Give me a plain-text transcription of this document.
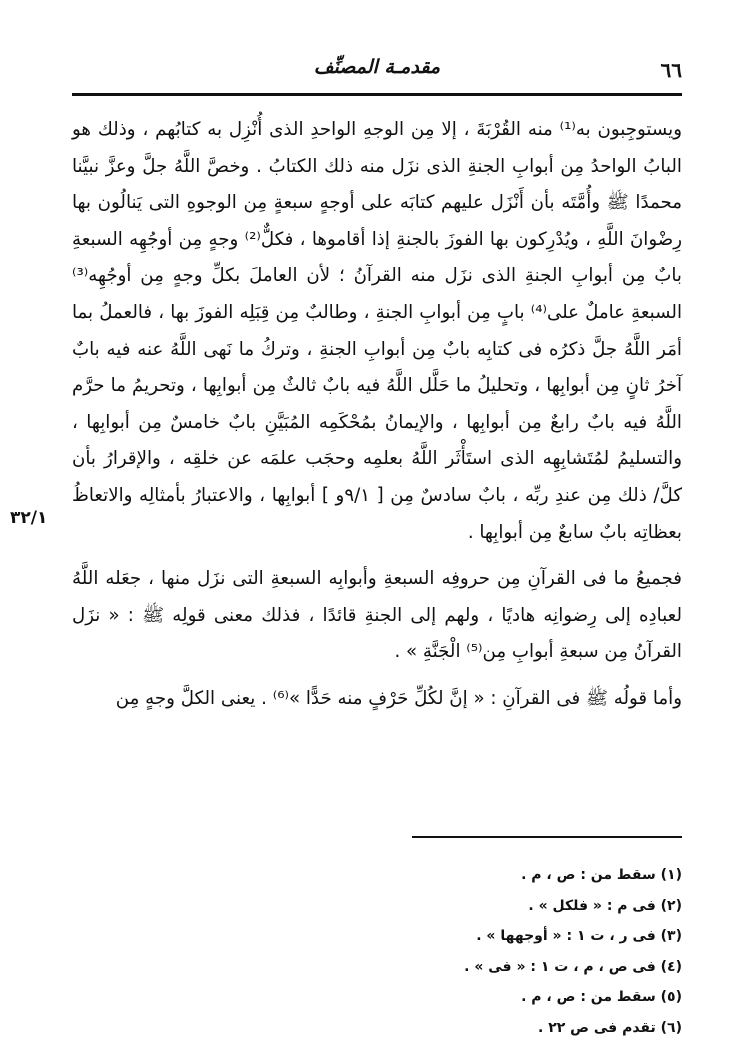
٦٦
مقدمـة المصنِّف
٣٢/١

ويستوجِبون به⁽¹⁾ منه القُرْبَةَ ، إلا مِن الوجهِ الواحدِ الذى أُنْزِل به كتابُهم ، وذلك هو البابُ الواحدُ مِن أبوابِ الجنةِ الذى نزَل منه ذلك الكتابُ . وخصَّ اللَّهُ جلَّ وعزَّ نبيَّنا محمدًا ﷺ وأُمَّتَه بأن أَنْزَل عليهم كتابَه على أوجهٍ سبعةٍ مِن الوجوهِ التى يَنالُون بها رِضْوانَ اللَّهِ ، ويُدْرِكون بها الفوزَ بالجنةِ إذا أقاموها ، فكلٌّ⁽²⁾ وجهٍ مِن أوجُهِه السبعةِ بابٌ مِن أبوابِ الجنةِ الذى نزَل منه القرآنُ ؛ لأن العاملَ بكلِّ وجهٍ مِن أوجُهِه⁽³⁾ السبعةِ عاملٌ على⁽⁴⁾ بابٍ مِن أبوابِ الجنةِ ، وطالبٌ مِن قِبَلِه الفوزَ بها ، فالعملُ بما أمَر اللَّهُ جلَّ ذكرُه فى كتابِه بابٌ مِن أبوابِ الجنةِ ، وتركُ ما نَهى اللَّهُ عنه فيه بابٌ آخرُ ثانٍ مِن أبوابِها ، وتحليلُ ما حَلَّل اللَّهُ فيه بابٌ ثالثٌ مِن أبوابِها ، وتحريمُ ما حرَّم اللَّهُ فيه بابٌ رابعٌ مِن أبوابِها ، والإيمانُ بمُحْكَمِه المُبَيَّنِ بابٌ خامسٌ مِن أبوابِها ، والتسليمُ لمُتَشابِهِه الذى استَأْثَر اللَّهُ بعلمِه وحجَب علمَه عن خلقِه ، والإقرارُ بأن كلَّ/ ذلك مِن عندِ ربِّه ، بابٌ سادسٌ مِن [ ٩/١و ] أبوابِها ، والاعتبارُ بأمثالِه والاتعاظُ بعظاتِه بابٌ سابعٌ مِن أبوابِها .

فجميعُ ما فى القرآنِ مِن حروفِه السبعةِ وأبوابِه السبعةِ التى نزَل منها ، جعَله اللَّهُ لعبادِه إلى رِضوانِه هاديًا ، ولهم إلى الجنةِ قائدًا ، فذلك معنى قولِه ﷺ : « نزَل القرآنُ مِن سبعةِ أبوابِ مِن⁽⁵⁾ الْجَنَّةِ » .

وأما قولُه ﷺ فى القرآنِ : « إنَّ لكُلِّ حَرْفٍ منه حَدًّا »⁽⁶⁾ . يعنى الكلَّ وجهٍ مِن

(١) سقط من : ص ، م .
(٢) فى م : « فلكل » .
(٣) فى ر ، ت ١ : « أوجهها » .
(٤) فى ص ، م ، ت ١ : « فى » .
(٥) سقط من : ص ، م .
(٦) تقدم فى ص ٢٢ .
